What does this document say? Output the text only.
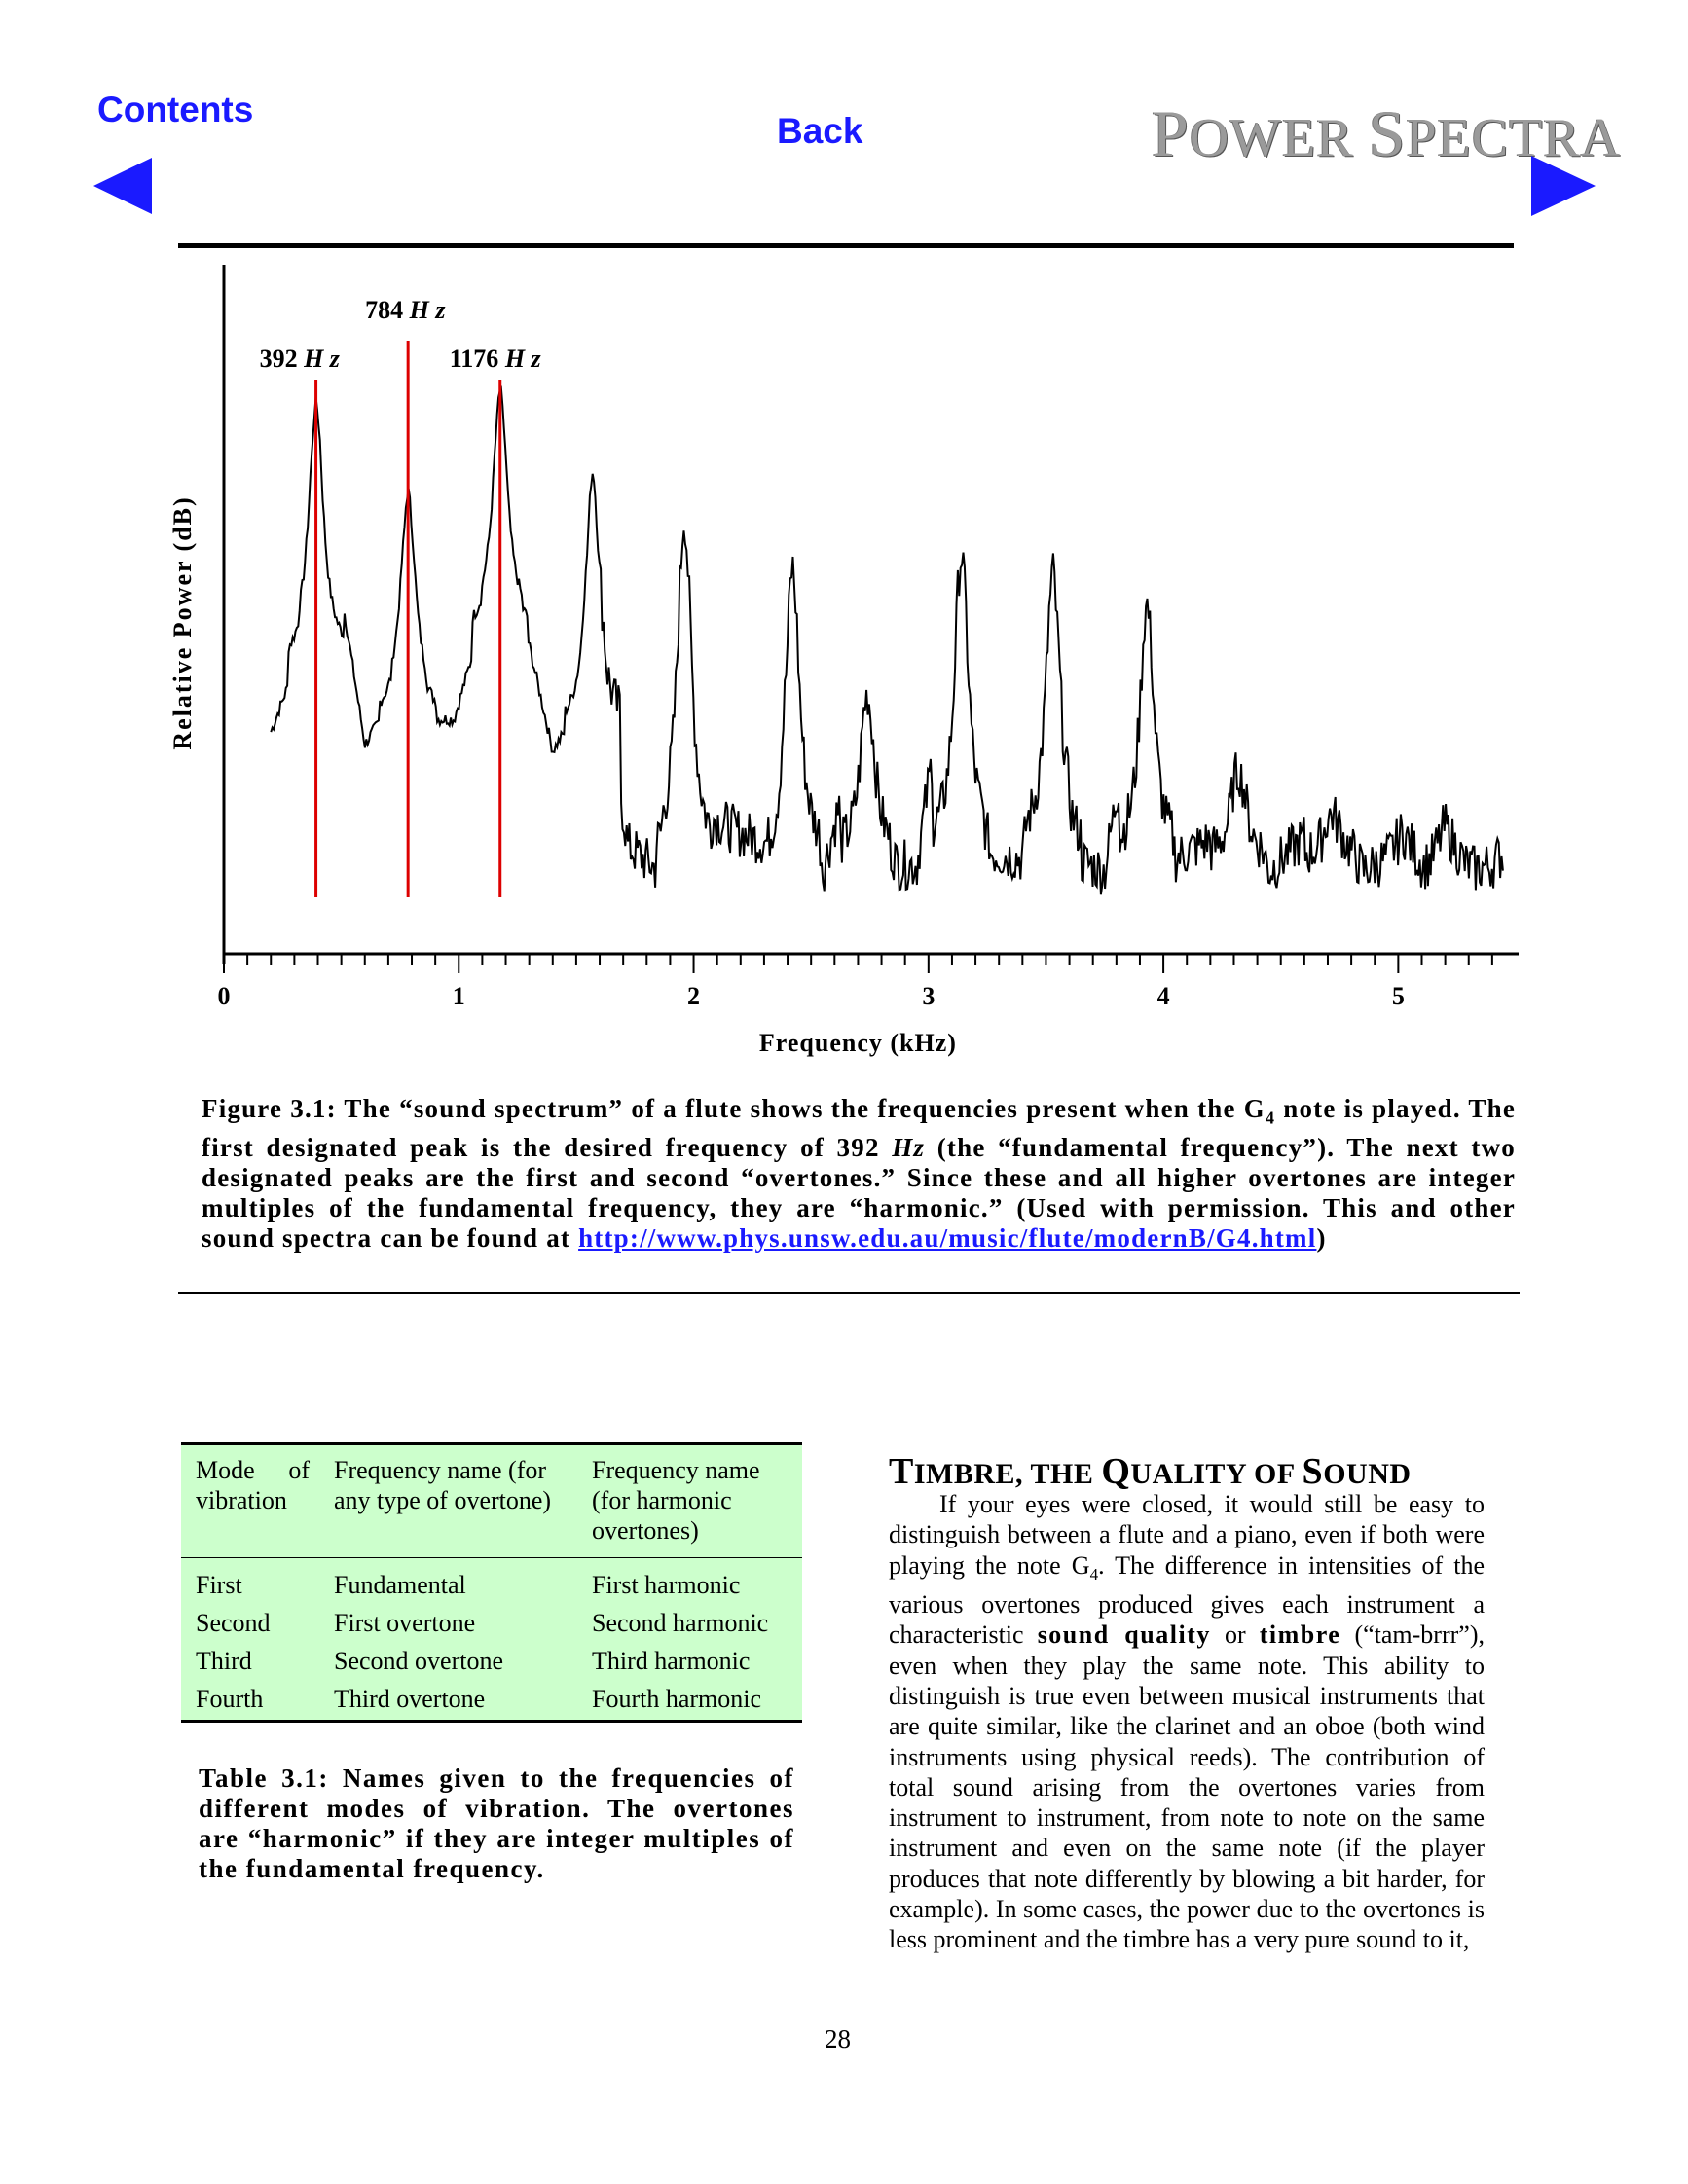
Contents
Back	POWER SPECTRA
0	1	2	3	4	5
Frequency (kHz)
Relative Power (dB)
392 H z
784 H z
1176 H z
Figure 3.1: The “sound spectrum” of a flute shows the frequencies present when the $G_4$ note is played. The first designated peak is the desired frequency of 392 Hz (the “fundamental frequency”). The next two designated peaks are the first and second “overtones.” Since these and all higher overtones are integer multiples of the fundamental frequency, they are “harmonic.” (Used with permission. This and other sound spectra can be found at http://www.phys.unsw.edu.au/music/flute/modernB/G4.html)
Mode of vibration	Frequency name (for any type of overtone)	Frequency name (for harmonic overtones)

First	Fundamental	First harmonic
Second	First overtone	Second harmonic
Third	Second overtone	Third harmonic
Fourth	Third overtone	Fourth harmonic
Table 3.1: Names given to the frequencies of different modes of vibration. The overtones are “harmonic” if they are integer multiples of the fundamental frequency.
TIMBRE, THE QUALITY OF SOUND

If your eyes were closed, it would still be easy to distinguish between a flute and a piano, even if both were playing the note $G_4$. The difference in intensities of the various overtones produced gives each instrument a characteristic sound quality or timbre (“tam-brrr”), even when they play the same note. This ability to distinguish is true even between musical instruments that are quite similar, like the clarinet and an oboe (both wind instruments using physical reeds). The contribution of total sound arising from the overtones varies from instrument to instrument, from note to note on the same instrument and even on the same note (if the player produces that note differently by blowing a bit harder, for example). In some cases, the power due to the overtones is less prominent and the timbre has a very pure sound to it,

28
